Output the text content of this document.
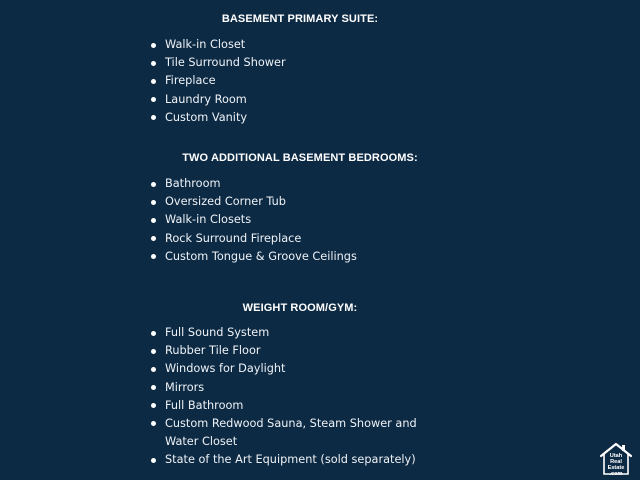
BASEMENT PRIMARY SUITE:
Walk-in Closet
Tile Surround Shower
Fireplace
Laundry Room
Custom Vanity
TWO ADDITIONAL BASEMENT BEDROOMS:
Bathroom
Oversized Corner Tub
Walk-in Closets
Rock Surround Fireplace
Custom Tongue & Groove Ceilings
WEIGHT ROOM/GYM:
Full Sound System
Rubber Tile Floor
Windows for Daylight
Mirrors
Full Bathroom
Custom Redwood Sauna, Steam Shower and Water Closet
State of the Art Equipment (sold separately)	Utah
Real
Estate
.com
